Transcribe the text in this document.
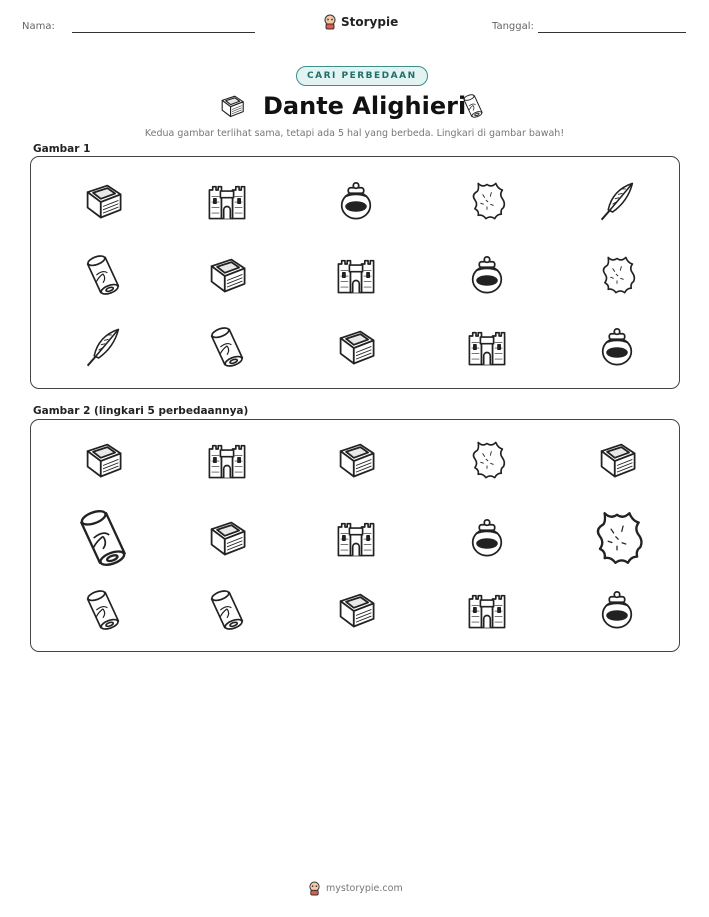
Nama:	Storypie	Tanggal:
CARI PERBEDAAN
Dante Alighieri
Kedua gambar terlihat sama, tetapi ada 5 hal yang berbeda. Lingkari di gambar bawah!
Gambar 1
Gambar 2 (lingkari 5 perbedaannya)
mystorypie.com
